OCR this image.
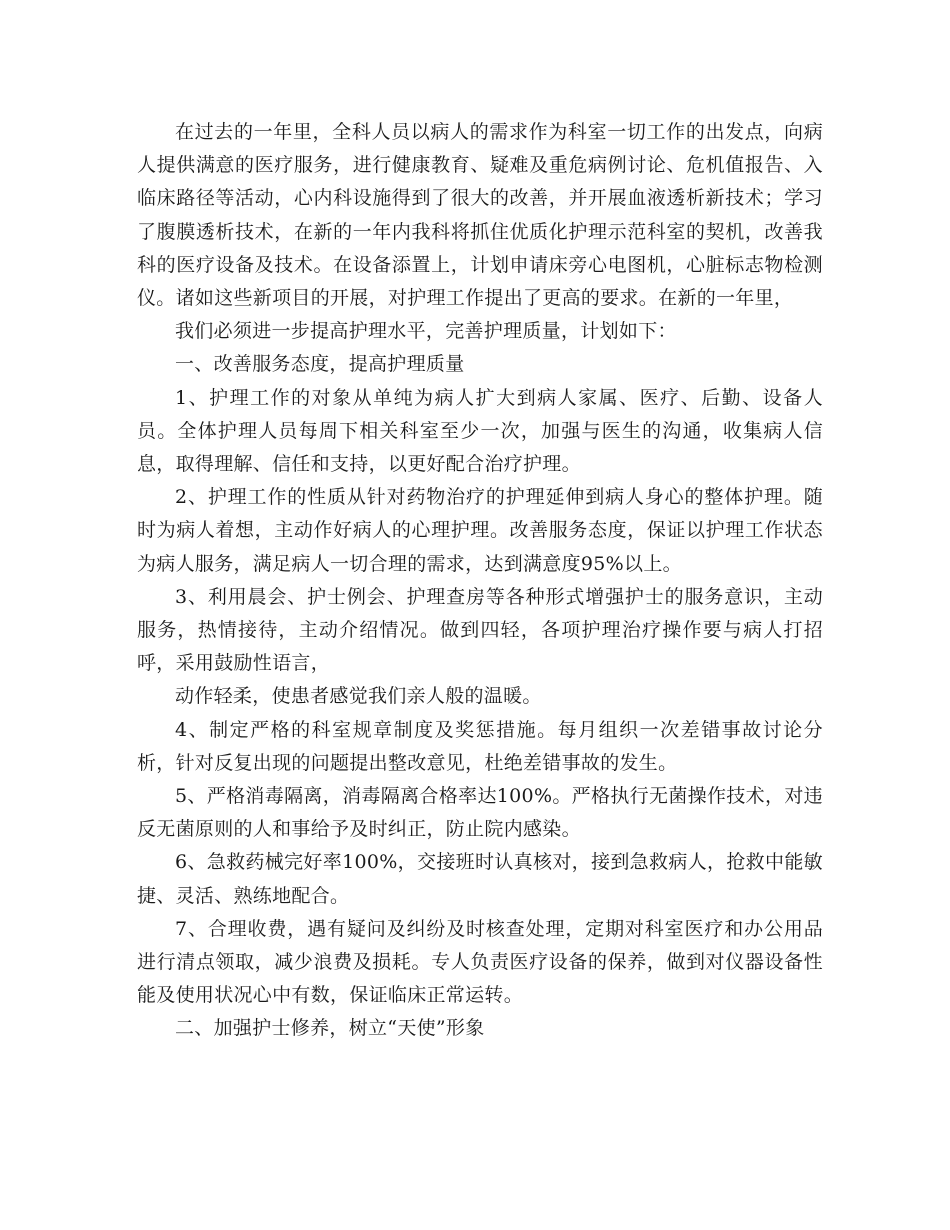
在过去的一年里，全科人员以病人的需求作为科室一切工作的出发点，向病人提供满意的医疗服务，进行健康教育、疑难及重危病例讨论、危机值报告、入临床路径等活动，心内科设施得到了很大的改善，并开展血液透析新技术；学习了腹膜透析技术，在新的一年内我科将抓住优质化护理示范科室的契机，改善我科的医疗设备及技术。在设备添置上，计划申请床旁心电图机，心脏标志物检测仪。诸如这些新项目的开展，对护理工作提出了更高的要求。在新的一年里，

我们必须进一步提高护理水平，完善护理质量，计划如下：

一、改善服务态度，提高护理质量

1、护理工作的对象从单纯为病人扩大到病人家属、医疗、后勤、设备人员。全体护理人员每周下相关科室至少一次，加强与医生的沟通，收集病人信息，取得理解、信任和支持，以更好配合治疗护理。

2、护理工作的性质从针对药物治疗的护理延伸到病人身心的整体护理。随时为病人着想，主动作好病人的心理护理。改善服务态度，保证以护理工作状态为病人服务，满足病人一切合理的需求，达到满意度95%以上。

3、利用晨会、护士例会、护理查房等各种形式增强护士的服务意识，主动服务，热情接待，主动介绍情况。做到四轻，各项护理治疗操作要与病人打招呼，采用鼓励性语言，

动作轻柔，使患者感觉我们亲人般的温暖。

4、制定严格的科室规章制度及奖惩措施。每月组织一次差错事故讨论分析，针对反复出现的问题提出整改意见，杜绝差错事故的发生。

5、严格消毒隔离，消毒隔离合格率达100%。严格执行无菌操作技术，对违反无菌原则的人和事给予及时纠正，防止院内感染。

6、急救药械完好率100%，交接班时认真核对，接到急救病人，抢救中能敏捷、灵活、熟练地配合。

7、合理收费，遇有疑问及纠纷及时核查处理，定期对科室医疗和办公用品进行清点领取，减少浪费及损耗。专人负责医疗设备的保养，做到对仪器设备性能及使用状况心中有数，保证临床正常运转。

二、加强护士修养，树立“天使”形象
